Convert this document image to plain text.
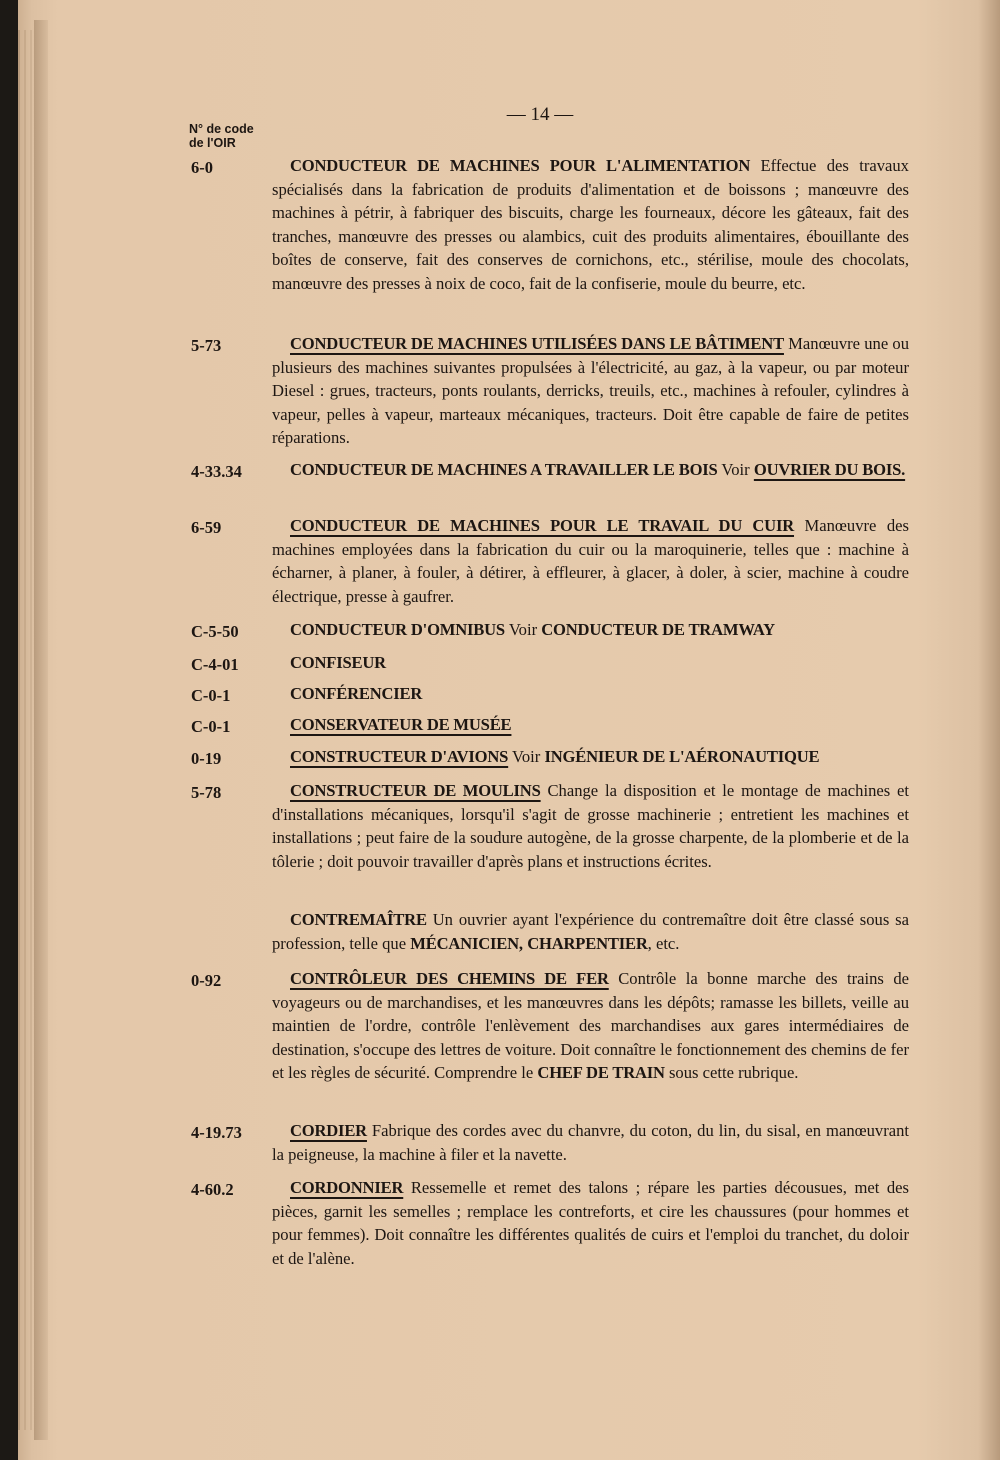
N° de code
de l'OIR
— 14 —
6-0	CONDUCTEUR DE MACHINES POUR L'ALIMENTATION Effectue des travaux spécialisés dans la fabrication de produits d'alimentation et de boissons ; manœuvre des machines à pétrir, à fabriquer des biscuits, charge les fourneaux, décore les gâteaux, fait des tranches, manœuvre des presses ou alambics, cuit des produits alimentaires, ébouillante des boîtes de conserve, fait des conserves de cornichons, etc., stérilise, moule des chocolats, manœuvre des presses à noix de coco, fait de la confiserie, moule du beurre, etc.
5-73	CONDUCTEUR DE MACHINES UTILISÉES DANS LE BÂTIMENT Manœuvre une ou plusieurs des machines suivantes propulsées à l'électricité, au gaz, à la vapeur, ou par moteur Diesel : grues, tracteurs, ponts roulants, derricks, treuils, etc., machines à refouler, cylindres à vapeur, pelles à vapeur, marteaux mécaniques, tracteurs. Doit être capable de faire de petites réparations.
4-33.34	CONDUCTEUR DE MACHINES A TRAVAILLER LE BOIS Voir OUVRIER DU BOIS.
6-59	CONDUCTEUR DE MACHINES POUR LE TRAVAIL DU CUIR Manœuvre des machines employées dans la fabrication du cuir ou la maroquinerie, telles que : machine à écharner, à planer, à fouler, à détirer, à effleurer, à glacer, à doler, à scier, machine à coudre électrique, presse à gaufrer.
C-5-50	CONDUCTEUR D'OMNIBUS Voir CONDUCTEUR DE TRAMWAY
C-4-01	CONFISEUR
C-0-1	CONFÉRENCIER
C-0-1	CONSERVATEUR DE MUSÉE
0-19	CONSTRUCTEUR D'AVIONS Voir INGÉNIEUR DE L'AÉRONAUTIQUE
5-78	CONSTRUCTEUR DE MOULINS Change la disposition et le montage de machines et d'installations mécaniques, lorsqu'il s'agit de grosse machinerie ; entretient les machines et installations ; peut faire de la soudure autogène, de la grosse charpente, de la plomberie et de la tôlerie ; doit pouvoir travailler d'après plans et instructions écrites.
CONTREMAÎTRE Un ouvrier ayant l'expérience du contremaître doit être classé sous sa profession, telle que MÉCANICIEN, CHARPENTIER, etc.
0-92	CONTRÔLEUR DES CHEMINS DE FER Contrôle la bonne marche des trains de voyageurs ou de marchandises, et les manœuvres dans les dépôts; ramasse les billets, veille au maintien de l'ordre, contrôle l'enlèvement des marchandises aux gares intermédiaires de destination, s'occupe des lettres de voiture. Doit connaître le fonctionnement des chemins de fer et les règles de sécurité. Comprendre le CHEF DE TRAIN sous cette rubrique.
4-19.73	CORDIER Fabrique des cordes avec du chanvre, du coton, du lin, du sisal, en manœuvrant la peigneuse, la machine à filer et la navette.
4-60.2	CORDONNIER Ressemelle et remet des talons ; répare les parties décousues, met des pièces, garnit les semelles ; remplace les contreforts, et cire les chaussures (pour hommes et pour femmes). Doit connaître les différentes qualités de cuirs et l'emploi du tranchet, du doloir et de l'alène.
